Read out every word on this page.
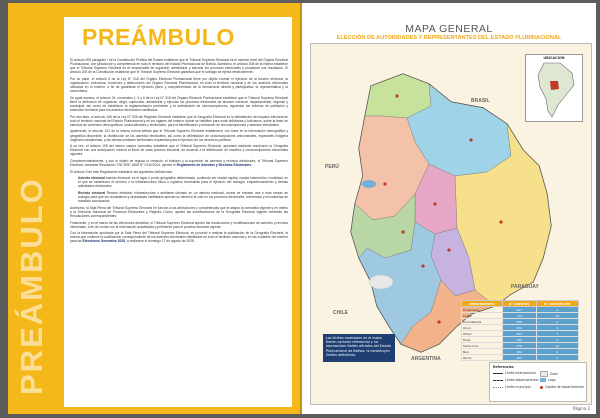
PREÁMBULO
PREÁMBULO

El artículo 208 parágrafo I de la Constitución Política del Estado establece que el Tribunal Supremo Electoral es el máximo nivel del Órgano Electoral Plurinacional, con jurisdicción y competencia en todo el territorio del Estado Plurinacional de Bolivia. Asimismo, el artículo 208 de la misma establece que el Tribunal Supremo Electoral es el responsable de organizar, administrar y ejecutar los procesos electorales y proclamar sus resultados. El artículo 205 de la Constitución establece que el Tribunal Supremo Electoral garantiza que el sufragio se ejerza efectivamente.

Por su parte, el artículo 5 de la Ley N° 018 del Órgano Electoral Plurinacional tiene por objeto normar el ejercicio de la función electoral, la organización, estructura, funciones y atribuciones del Órgano Electoral Plurinacional, en todo el territorio nacional y en los asientos electorales ubicados en el exterior, a fin de garantizar el ejercicio pleno y complementario de la democracia directa y participativa, la representativa y la comunitaria.

De igual manera, el artículo 24, numerales 1, 4 y 6 de la Ley N° 018 del Órgano Electoral Plurinacional establece que el Tribunal Supremo Electoral tiene la atribución de organizar, dirigir, supervisar, administrar y ejecutar los procesos electorales de alcance nacional, departamental, regional y municipal; así como de establecer la reglamentación pertinente y la delimitación de circunscripciones, siguiendo los criterios de población y extensión territorial para los asientos electorales habilitados.

Por otro lado, el artículo 106 de la Ley N° 026 del Régimen Electoral establece que la Geografía Electoral es la delimitación del espacio electoral en todo el territorio nacional del Estado Plurinacional y en los lugares del exterior donde se habiliten para votar bolivianas y bolivianos, sobre la base de estudios de contextos demográficos, socioculturales y territoriales, para la identificación y ubicación de circunscripciones y asientos electorales.

Igualmente, el artículo 102 de la misma norma señala que el Tribunal Supremo Electoral establecerá, con base en la información demográfica y geográfica disponible, la distribución de los asientos electorales, así como la delimitación de circunscripciones uninominales, especiales indígena originario campesinas, y las demás unidades territoriales requeridas para el ejercicio de los derechos políticos.

A su vez, el artículo 108 del mismo cuerpo normativo establece que el Tribunal Supremo Electoral, aprobará mediante resolución la Geografía Electoral con una anticipación mínima al inicio de cada proceso electoral, de acuerdo a la distribución de escaños y circunscripciones electorales vigentes.

Complementariamente, y con el objeto de regular la creación, el traslado y la supresión de asientos y recintos electorales, el Tribunal Supremo Electoral, mediante Resolución TSE-RSP-ADM N° 0140/2024, aprobó el Reglamento de Asientos y Recintos Electorales.

El artículo 3 de este Reglamento establece las siguientes definiciones:

Asiento electoral Asiento electoral: es el lugar o punto geográfico determinado, pudiendo ser ciudad capital, ciudad intermedia o localidad, en el que se establecen el servicio o la infraestructura física o logística necesarias para el ejercicio del sufragio, empadronamiento y demás actividades electorales.

Recinto electoral Recinto electoral: infraestructura o ambiente ubicado en un asiento electoral, donde se instalan una o más mesas de sufragio para que los ciudadanos y ciudadanas habilitados ejerzan su derecho al voto en los procesos electorales, referendos y revocatorias de mandato convocados.

Asimismo, la Sala Plena del Tribunal Supremo Electoral en función a las atribuciones y competencias que le asigna la normativa vigente y en mérito a la Dirección Nacional de Procesos Electorales y Registro Cívico, aprobó las modificaciones de la Geografía Electoral vigente mediante las Resoluciones correspondientes.

Finalmente, y en el marco de las elecciones descritas, el Tribunal Supremo Electoral aprobó las resoluciones y modificaciones de asientos y recintos electorales, a fin de contar con la información actualizada y pertinente para el proceso electoral vigente.

Con la información aprobada por la Sala Plena del Tribunal Supremo Electoral, se procede a realizar la publicación de la Geografía Electoral, la misma que contiene la codificación correspondiente de los asientos electorales habilitados en todo el territorio nacional y en las ciudades del exterior para las Elecciones Generales 2025, a realizarse el domingo 17 de agosto de 2025.

MAPA GENERAL
ELECCIÓN DE AUTORIDADES Y REPRESENTANTES DEL ESTADO PLURINACIONAL
BRASIL
PERÚ
CHILE
PARAGUAY
ARGENTINA
UBICACIÓN
Los límites mostrados en el mapa tienen carácter referencial y no representan límites oficiales del Estado Plurinacional de Bolivia, ni constituyen límites definitivos.
DEPARTAMENTO	N° ASIENTOS	N° CIRCUNSCRIP.
Chuquisaca	247	4
La Paz	712	14
Cochabamba	438	9
Oruro	232	4
Potosí	394	7
Tarija	186	4
Santa Cruz	470	12
Beni	182	4
Pando	102	2
Referencias
Límite internacional
Límite departamental
Límite municipal
Salar
Lago
Capital de departamento
Página 2
